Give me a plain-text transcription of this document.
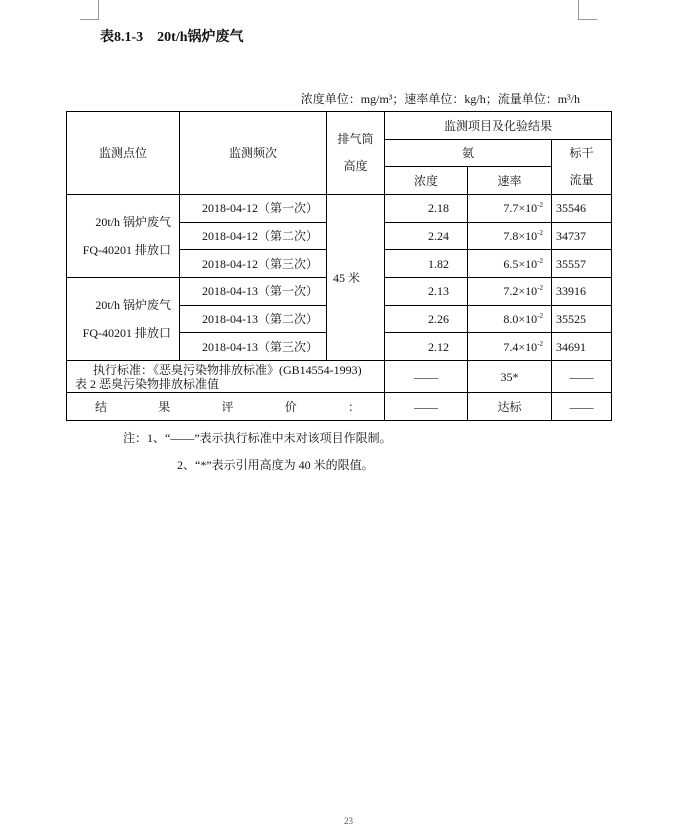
表8.1-3　20t/h锅炉废气
浓度单位：mg/m³；速率单位：kg/h；流量单位：m³/h
监测点位	监测频次	排气筒高度	监测项目及化验结果		
			氨		标干流量
			浓度	速率	
20t/h 锅炉废气
FQ-40201 排放口	2018-04-12（第一次）	45 米	2.18	$7.7\times 10^{-2}$	35546
	2018-04-12（第二次）		2.24	$7.8\times 10^{-2}$	34737
	2018-04-12（第三次）		1.82	$6.5\times 10^{-2}$	35557
20t/h 锅炉废气
FQ-40201 排放口	2018-04-13（第一次）		2.13	$7.2\times 10^{-2}$	33916
	2018-04-13（第二次）		2.26	$8.0\times 10^{-2}$	35525
	2018-04-13（第三次）		2.12	$7.4\times 10^{-2}$	34691
执行标准：《恶臭污染物排放标准》(GB14554-1993)
表 2 恶臭污染物排放标准值			——	35*	——

结 果 评 价 ：			——	达标	——
注：1、“——”表示执行标准中未对该项目作限制。
2、“*”表示引用高度为 40 米的限值。
23
